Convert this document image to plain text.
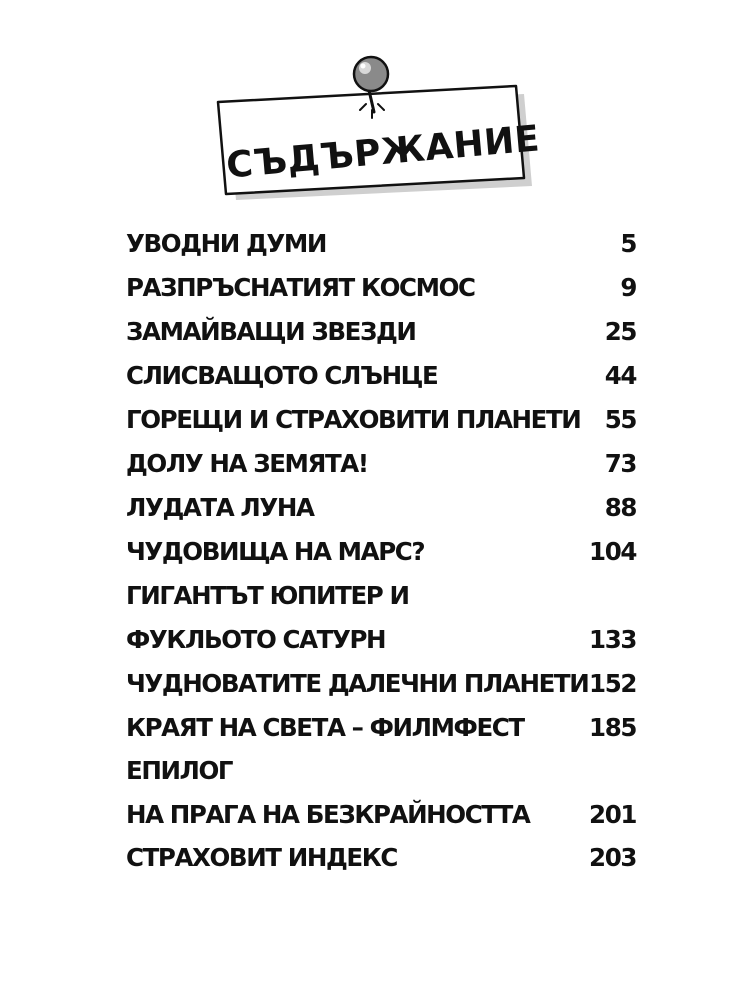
СЪДЪРЖАНИЕ
УВОДНИ ДУМИ	5
РАЗПРЪСНАТИЯТ КОСМОС	9
ЗАМАЙВАЩИ ЗВЕЗДИ	25
СЛИСВАЩОТО СЛЪНЦЕ	44
ГОРЕЩИ И СТРАХОВИТИ ПЛАНЕТИ 55
ДОЛУ НА ЗЕМЯТА!	73
ЛУДАТА ЛУНА	88
ЧУДОВИЩА НА МАРС?	104
ГИГАНТЪТ ЮПИТЕР И
ФУКЛЬОТО САТУРН	133
ЧУДНОВАТИТЕ ДАЛЕЧНИ ПЛАНЕТИ 152
КРАЯТ НА СВЕТА – ФИЛМФЕСТ	185
ЕПИЛОГ
НА ПРАГА НА БЕЗКРАЙНОСТТА 201
СТРАХОВИТ ИНДЕКС	203
